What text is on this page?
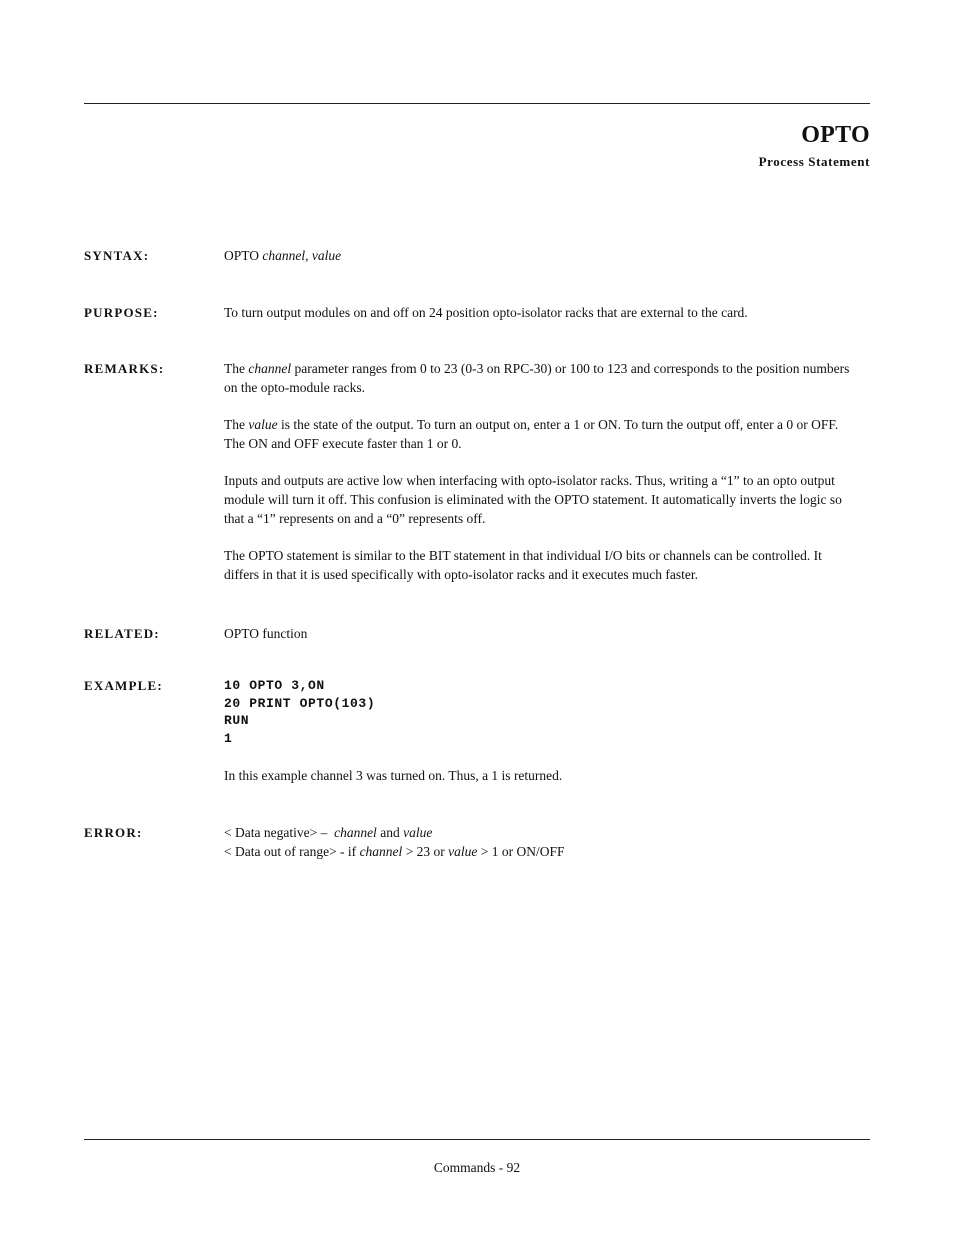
OPTO
Process Statement
SYNTAX:	OPTO channel, value
PURPOSE:	To turn output modules on and off on 24 position opto-isolator racks that are external to the card.
REMARKS:	The channel parameter ranges from 0 to 23 (0-3 on RPC-30) or 100 to 123 and corresponds to the position numbers on the opto-module racks.

The value is the state of the output. To turn an output on, enter a 1 or ON. To turn the output off, enter a 0 or OFF. The ON and OFF execute faster than 1 or 0.

Inputs and outputs are active low when interfacing with opto-isolator racks. Thus, writing a “1” to an opto output module will turn it off. This confusion is eliminated with the OPTO statement. It automatically inverts the logic so that a “1” represents on and a “0” represents off.

The OPTO statement is similar to the BIT statement in that individual I/O bits or channels can be controlled. It differs in that it is used specifically with opto-isolator racks and it executes much faster.

RELATED:	OPTO function
EXAMPLE:	10 OPTO 3,ON
20 PRINT OPTO(103)
RUN
1
In this example channel 3 was turned on. Thus, a 1 is returned.
ERROR:	< Data negative> – channel and value
< Data out of range> - if channel > 23 or value > 1 or ON/OFF
Commands - 92
